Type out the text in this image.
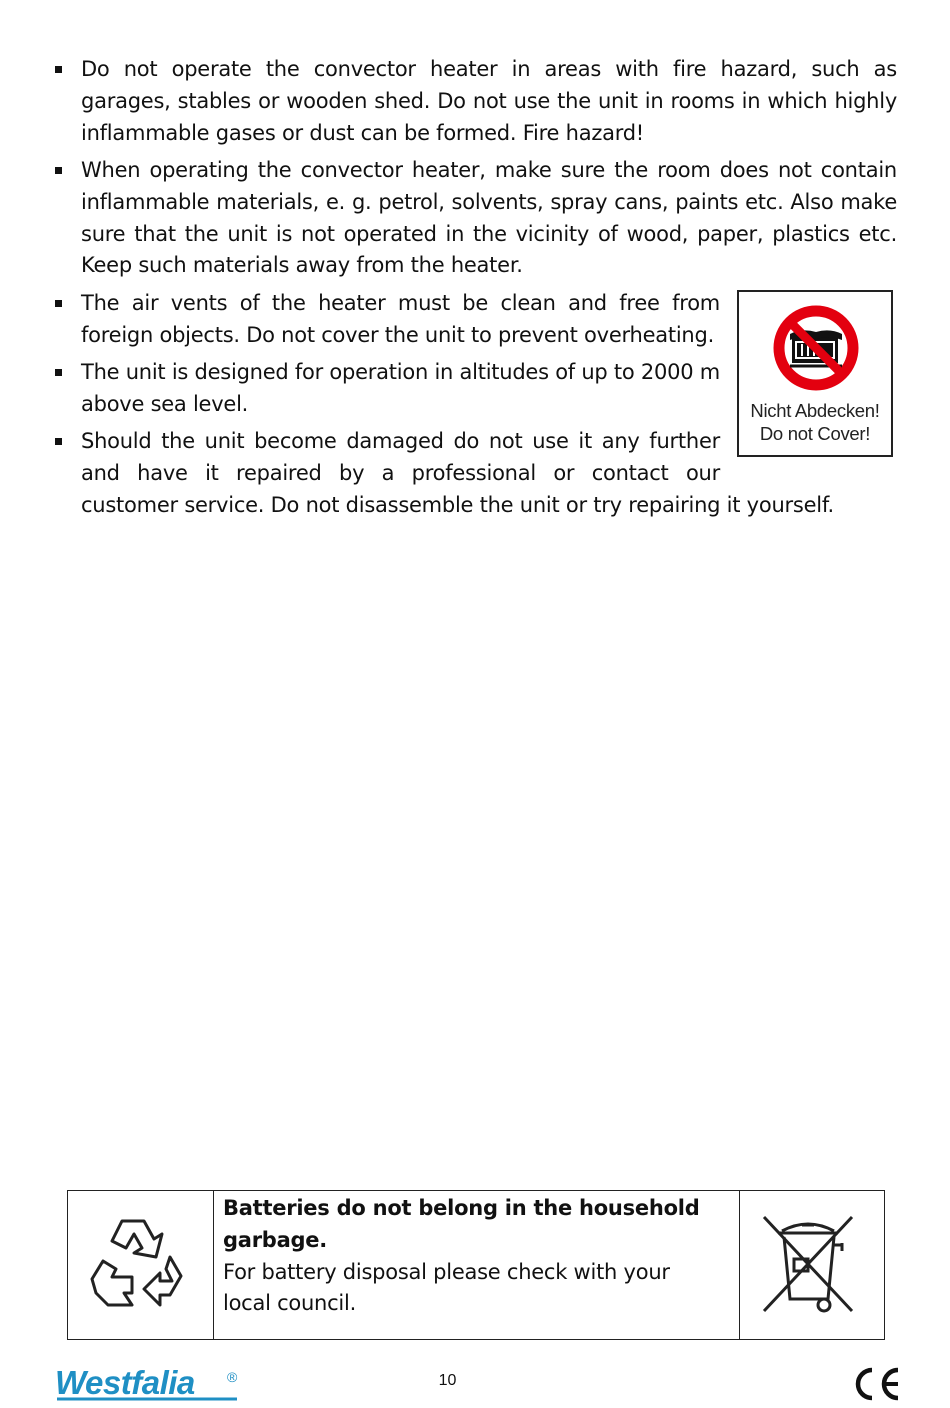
Do not operate the convector heater in areas with fire hazard, such as garages, stables or wooden shed. Do not use the unit in rooms in which highly inflammable gases or dust can be formed. Fire hazard!
When operating the convector heater, make sure the room does not contain inflammable materials, e. g. petrol, solvents, spray cans, paints etc. Also make sure that the unit is not operated in the vicinity of wood, paper, plastics etc. Keep such materials away from the heater.
The air vents of the heater must be clean and free from foreign objects. Do not cover the unit to prevent overheating.
The unit is designed for operation in altitudes of up to 2000 m above sea level.
Should the unit become damaged do not use it any further and have it repaired by a professional or contact our customer service. Do not disassemble the unit or try repairing it yourself.
Nicht Abdecken!
Do not Cover!
Batteries do not belong in the household garbage.
For battery disposal please check with your local council.
Westfalia ®	10
